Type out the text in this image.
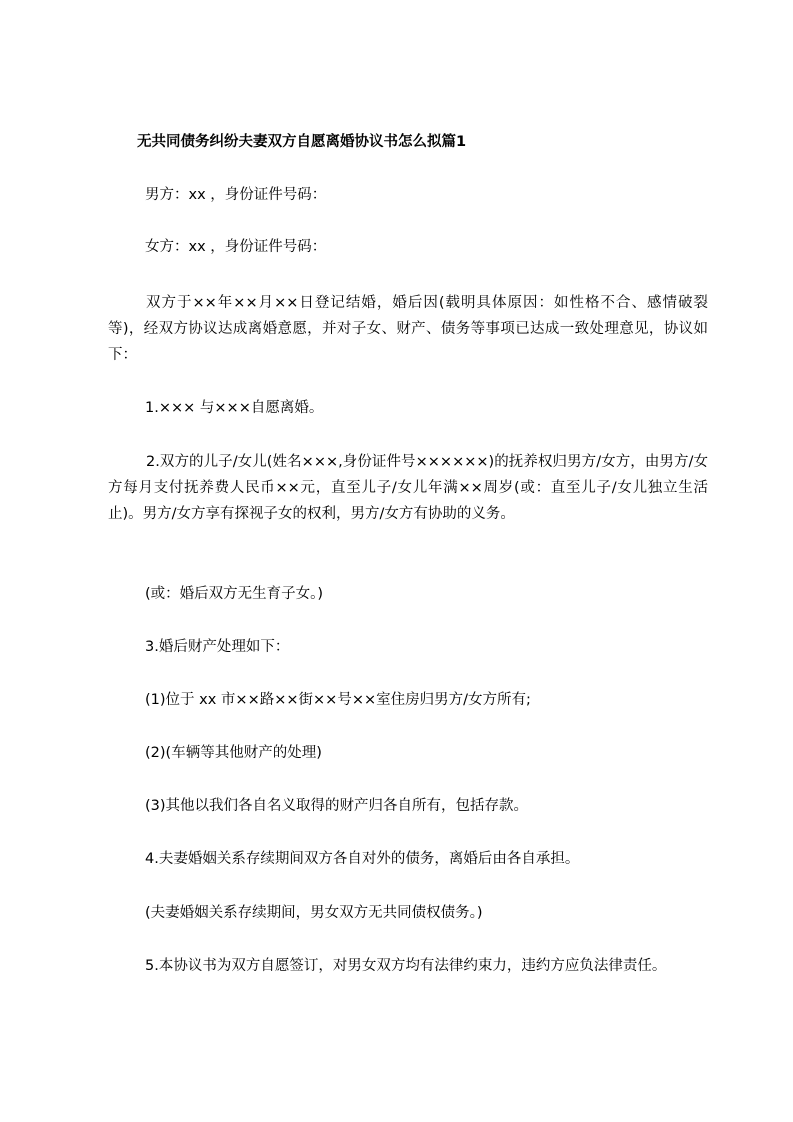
无共同债务纠纷夫妻双方自愿离婚协议书怎么拟篇1
男方：xx ，身份证件号码：
女方：xx ，身份证件号码：
双方于××年××月××日登记结婚，婚后因(载明具体原因：如性格不合、感情破裂等)，经双方协议达成离婚意愿，并对子女、财产、债务等事项已达成一致处理意见，协议如下：
1.××× 与×××自愿离婚。
2.双方的儿子/女儿(姓名×××,身份证件号××××××)的抚养权归男方/女方，由男方/女方每月支付抚养费人民币××元，直至儿子/女儿年满××周岁(或：直至儿子/女儿独立生活止)。男方/女方享有探视子女的权利，男方/女方有协助的义务。
(或：婚后双方无生育子女。)
3.婚后财产处理如下：
(1)位于 xx 市××路××街××号××室住房归男方/女方所有;
(2)(车辆等其他财产的处理)
(3)其他以我们各自名义取得的财产归各自所有，包括存款。
4.夫妻婚姻关系存续期间双方各自对外的债务，离婚后由各自承担。
(夫妻婚姻关系存续期间，男女双方无共同债权债务。)
5.本协议书为双方自愿签订，对男女双方均有法律约束力，违约方应负法律责任。
